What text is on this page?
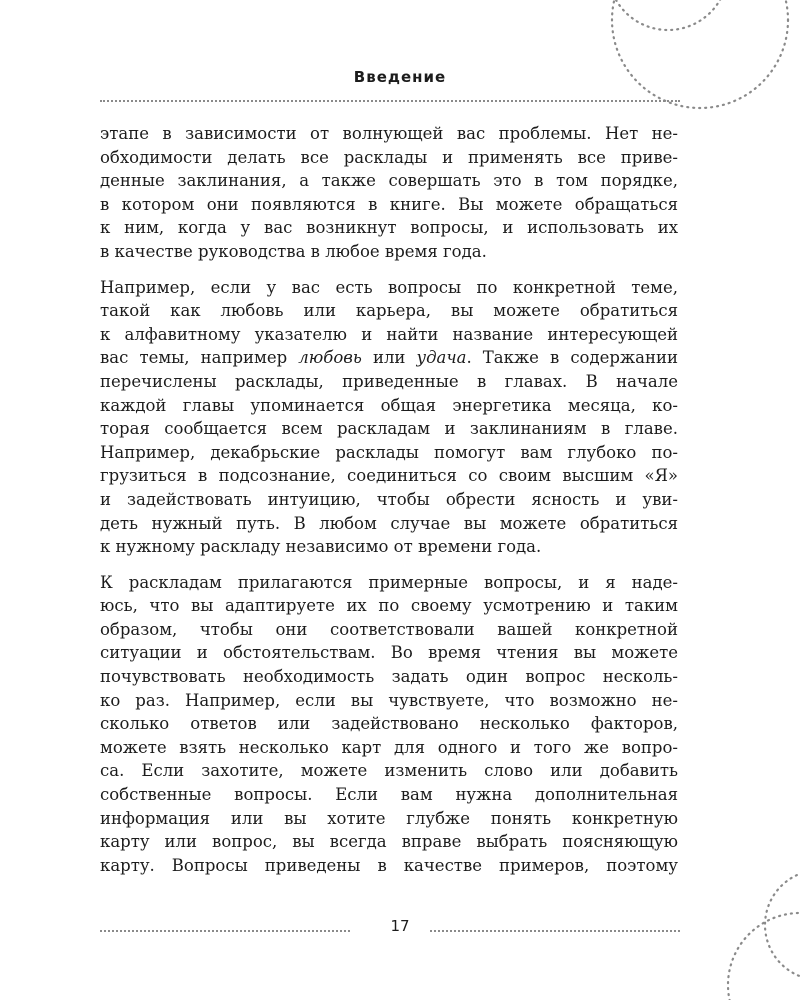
Введение

этапе в зависимости от волнующей вас проблемы. Нет не-
обходимости делать все расклады и применять все приве-
денные заклинания, а также совершать это в том порядке,
в котором они появляются в книге. Вы можете обращаться
к ним, когда у вас возникнут вопросы, и использовать их
в качестве руководства в любое время года.

Например, если у вас есть вопросы по конкретной теме,
такой как любовь или карьера, вы можете обратиться
к алфавитному указателю и найти название интересующей
вас темы, например любовь или удача. Также в содержании
перечислены расклады, приведенные в главах. В начале
каждой главы упоминается общая энергетика месяца, ко-
торая сообщается всем раскладам и заклинаниям в главе.
Например, декабрьские расклады помогут вам глубоко по-
грузиться в подсознание, соединиться со своим высшим «Я»
и задействовать интуицию, чтобы обрести ясность и уви-
деть нужный путь. В любом случае вы можете обратиться
к нужному раскладу независимо от времени года.

К раскладам прилагаются примерные вопросы, и я наде-
юсь, что вы адаптируете их по своему усмотрению и таким
образом, чтобы они соответствовали вашей конкретной
ситуации и обстоятельствам. Во время чтения вы можете
почувствовать необходимость задать один вопрос несколь-
ко раз. Например, если вы чувствуете, что возможно не-
сколько ответов или задействовано несколько факторов,
можете взять несколько карт для одного и того же вопро-
са. Если захотите, можете изменить слово или добавить
собственные вопросы. Если вам нужна дополнительная
информация или вы хотите глубже понять конкретную
карту или вопрос, вы всегда вправе выбрать поясняющую
карту. Вопросы приведены в качестве примеров, поэтому

17
